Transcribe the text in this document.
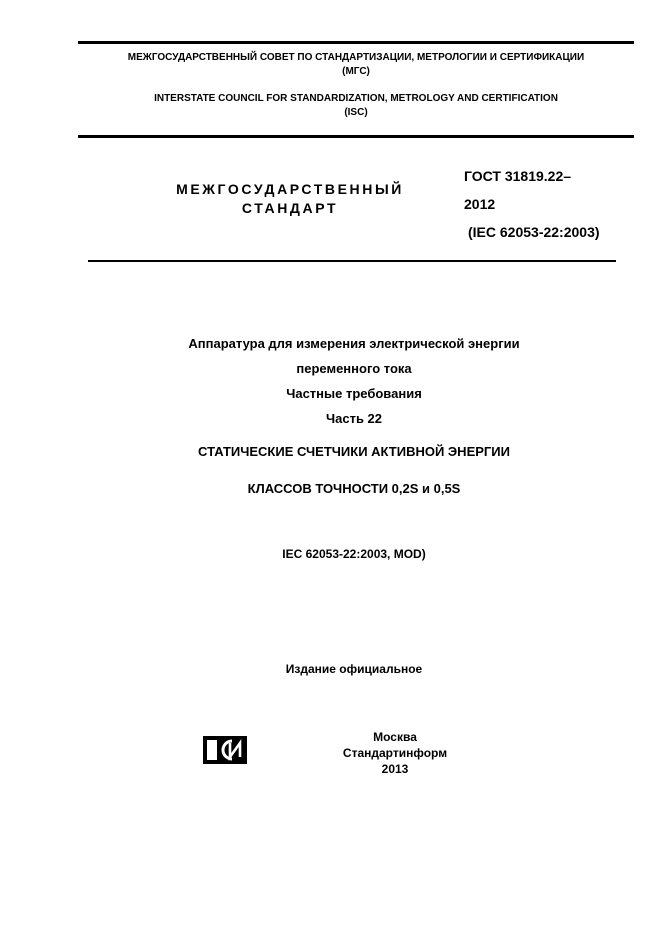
МЕЖГОСУДАРСТВЕННЫЙ СОВЕТ ПО СТАНДАРТИЗАЦИИ, МЕТРОЛОГИИ И СЕРТИФИКАЦИИ
(МГС)
INTERSTATE COUNCIL FOR STANDARDIZATION, METROLOGY AND CERTIFICATION
(ISC)
МЕЖГОСУДАРСТВЕННЫЙ
СТАНДАРТ
ГОСТ 31819.22–
2012
(IEC 62053-22:2003)
Аппаратура для измерения электрической энергии
переменного тока
Частные требования
Часть 22
СТАТИЧЕСКИЕ СЧЕТЧИКИ АКТИВНОЙ ЭНЕРГИИ
КЛАССОВ ТОЧНОСТИ 0,2S и 0,5S
IEC 62053-22:2003, MOD)
Издание официальное
Москва
Стандартинформ
2013
